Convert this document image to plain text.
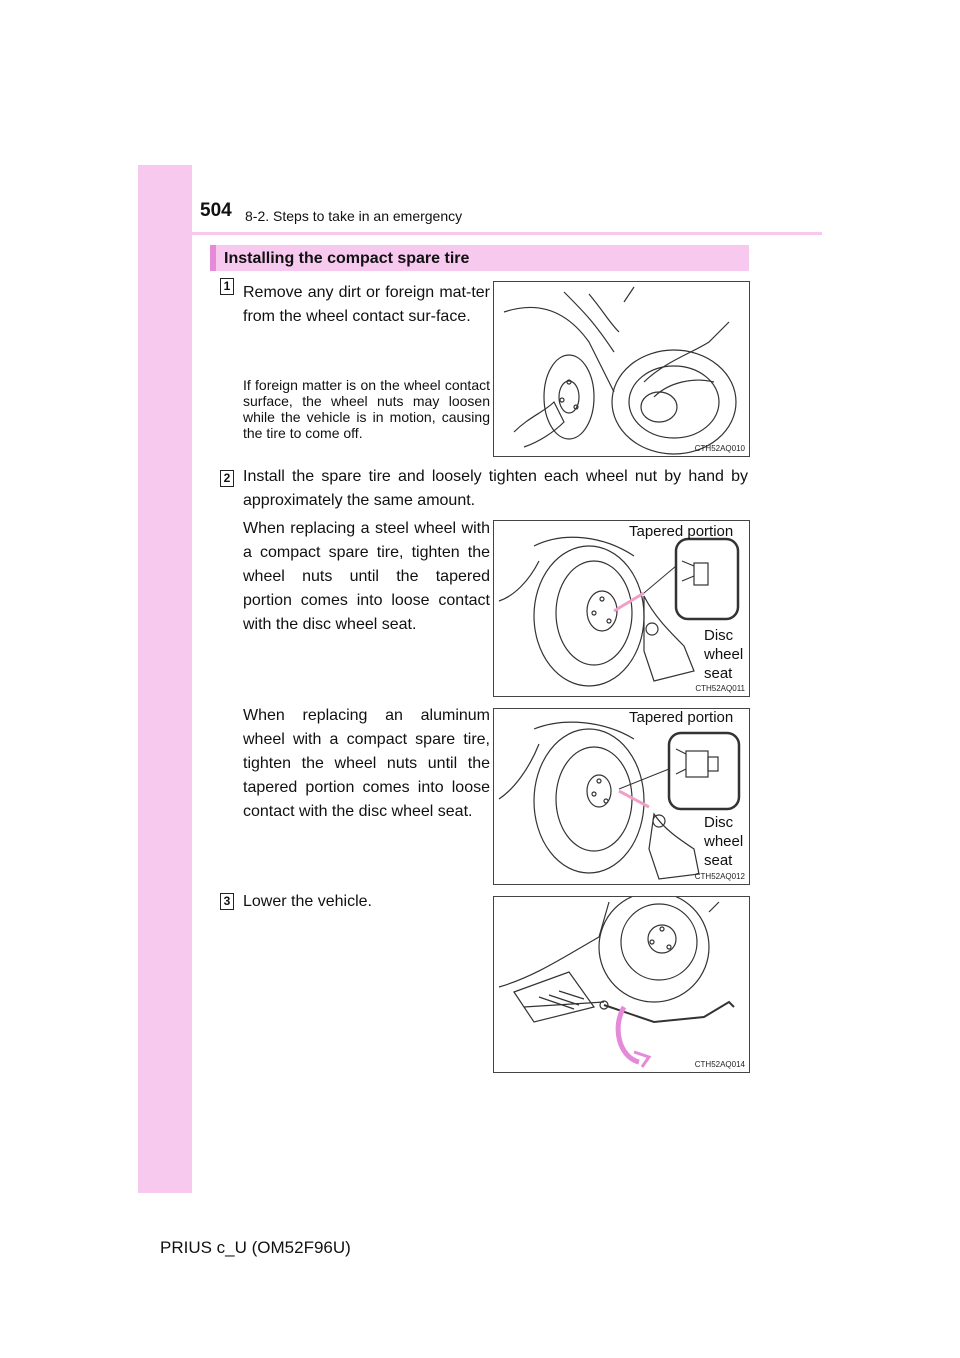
504 8-2. Steps to take in an emergency
Installing the compact spare tire
1 Remove any dirt or foreign mat-ter from the wheel contact sur-face.
If foreign matter is on the wheel contact surface, the wheel nuts may loosen while the vehicle is in motion, causing the tire to come off.
CTH52AQ010
2 Install the spare tire and loosely tighten each wheel nut by hand by approximately the same amount.
When replacing a steel wheel with a compact spare tire, tighten the wheel nuts until the tapered portion comes into loose contact with the disc wheel seat.
CTH52AQ011
Tapered portion
Disc
wheel
seat
When replacing an aluminum wheel with a compact spare tire, tighten the wheel nuts until the tapered portion comes into loose contact with the disc wheel seat.
CTH52AQ012
Tapered portion
Disc
wheel
seat
3 Lower the vehicle.
CTH52AQ014
PRIUS c_U (OM52F96U)
